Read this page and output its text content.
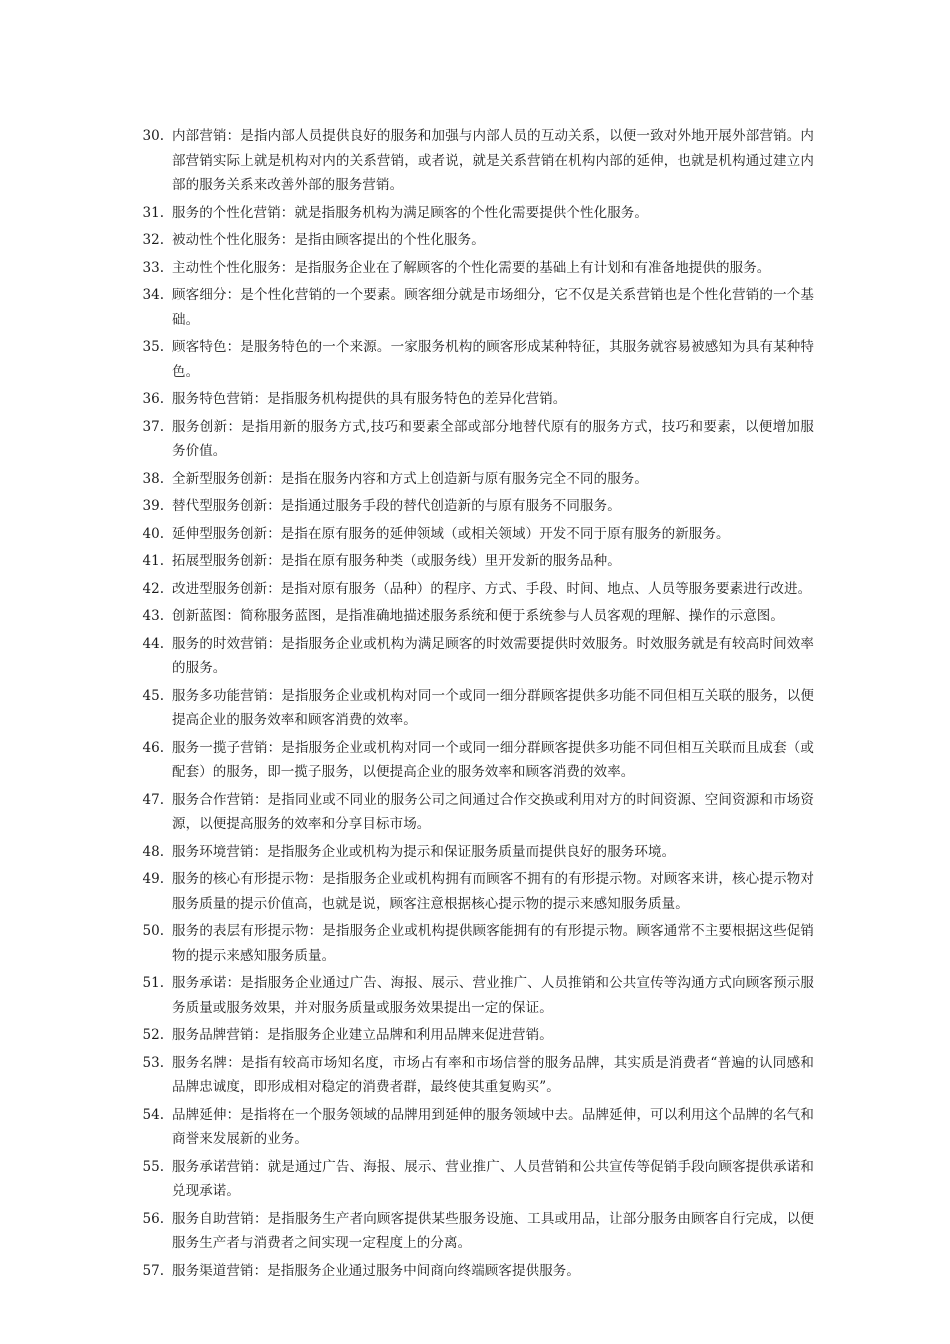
30. 内部营销：是指内部人员提供良好的服务和加强与内部人员的互动关系，以便一致对外地开展外部营销。内部营销实际上就是机构对内的关系营销，或者说，就是关系营销在机构内部的延伸，也就是机构通过建立内部的服务关系来改善外部的服务营销。
31. 服务的个性化营销：就是指服务机构为满足顾客的个性化需要提供个性化服务。
32. 被动性个性化服务：是指由顾客提出的个性化服务。
33. 主动性个性化服务：是指服务企业在了解顾客的个性化需要的基础上有计划和有准备地提供的服务。
34. 顾客细分：是个性化营销的一个要素。顾客细分就是市场细分，它不仅是关系营销也是个性化营销的一个基础。
35. 顾客特色：是服务特色的一个来源。一家服务机构的顾客形成某种特征，其服务就容易被感知为具有某种特色。
36. 服务特色营销：是指服务机构提供的具有服务特色的差异化营销。
37. 服务创新：是指用新的服务方式,技巧和要素全部或部分地替代原有的服务方式，技巧和要素，以便增加服务价值。
38. 全新型服务创新：是指在服务内容和方式上创造新与原有服务完全不同的服务。
39. 替代型服务创新：是指通过服务手段的替代创造新的与原有服务不同服务。
40. 延伸型服务创新：是指在原有服务的延伸领域（或相关领域）开发不同于原有服务的新服务。
41. 拓展型服务创新：是指在原有服务种类（或服务线）里开发新的服务品种。
42. 改进型服务创新：是指对原有服务（品种）的程序、方式、手段、时间、地点、人员等服务要素进行改进。
43. 创新蓝图：简称服务蓝图，是指准确地描述服务系统和便于系统参与人员客观的理解、操作的示意图。
44. 服务的时效营销：是指服务企业或机构为满足顾客的时效需要提供时效服务。时效服务就是有较高时间效率的服务。
45. 服务多功能营销：是指服务企业或机构对同一个或同一细分群顾客提供多功能不同但相互关联的服务，以便提高企业的服务效率和顾客消费的效率。
46. 服务一揽子营销：是指服务企业或机构对同一个或同一细分群顾客提供多功能不同但相互关联而且成套（或配套）的服务，即一揽子服务，以便提高企业的服务效率和顾客消费的效率。
47. 服务合作营销：是指同业或不同业的服务公司之间通过合作交换或利用对方的时间资源、空间资源和市场资源，以便提高服务的效率和分享目标市场。
48. 服务环境营销：是指服务企业或机构为提示和保证服务质量而提供良好的服务环境。
49. 服务的核心有形提示物：是指服务企业或机构拥有而顾客不拥有的有形提示物。对顾客来讲，核心提示物对服务质量的提示价值高，也就是说，顾客注意根据核心提示物的提示来感知服务质量。
50. 服务的表层有形提示物：是指服务企业或机构提供顾客能拥有的有形提示物。顾客通常不主要根据这些促销物的提示来感知服务质量。
51. 服务承诺：是指服务企业通过广告、海报、展示、营业推广、人员推销和公共宣传等沟通方式向顾客预示服务质量或服务效果，并对服务质量或服务效果提出一定的保证。
52. 服务品牌营销：是指服务企业建立品牌和利用品牌来促进营销。
53. 服务名牌：是指有较高市场知名度，市场占有率和市场信誉的服务品牌，其实质是消费者“普遍的认同感和品牌忠诚度，即形成相对稳定的消费者群，最终使其重复购买”。
54. 品牌延伸：是指将在一个服务领域的品牌用到延伸的服务领域中去。品牌延伸，可以利用这个品牌的名气和商誉来发展新的业务。
55. 服务承诺营销：就是通过广告、海报、展示、营业推广、人员营销和公共宣传等促销手段向顾客提供承诺和兑现承诺。
56. 服务自助营销：是指服务生产者向顾客提供某些服务设施、工具或用品，让部分服务由顾客自行完成，以便服务生产者与消费者之间实现一定程度上的分离。
57. 服务渠道营销：是指服务企业通过服务中间商向终端顾客提供服务。
